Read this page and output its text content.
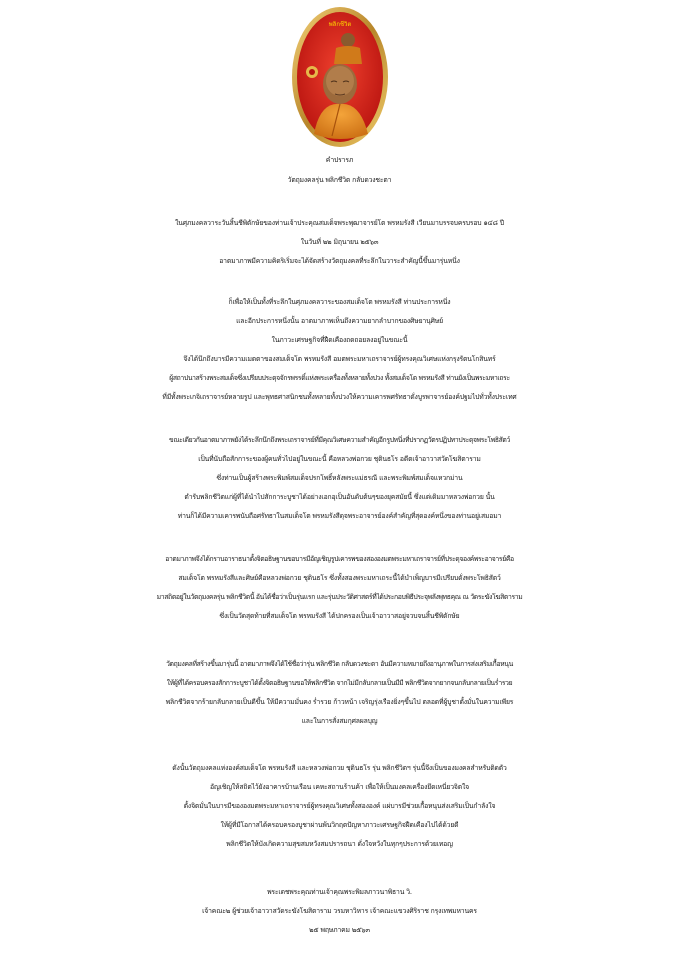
พลิกชีวิต
คำปรารภ
วัตถุมงคลรุ่น พลิกชีวิต กลับดวงชะตา
ในศุภมงคลวาระวันสิ้นชีพิตักษัยของท่านเจ้าประคุณสมเด็จพระพุฒาจารย์โต พรหมรังสี เวียนมาบรรจบครบรอบ ๑๔๘ ปี
ในวันที่ ๒๒ มิถุนายน ๒๕๖๓
อาตมาภาพมีความคิดริเริ่มจะได้จัดสร้างวัตถุมงคลที่ระลึกในวาระสำคัญนี้ขึ้นมารุ่นหนึ่ง
ก็เพื่อให้เป็นทั้งที่ระลึกในศุภมงคลวาระของสมเด็จโต พรหมรังสี ท่านประการหนึ่ง
และอีกประการหนึ่งนั้น อาตมาภาพเห็นถึงความยากลำบากของศิษยานุศิษย์
ในภาวะเศรษฐกิจที่ฝืดเคืองถดถอยลงอยู่ในขณะนี้
จึงได้นึกถึงบารมีความเมตตาของสมเด็จโต พรหมรังสี อมตพระมหาเถราจารย์ผู้ทรงคุณวิเศษแห่งกรุงรัตนโกสินทร์
ผู้สถาปนาสร้างพระสมเด็จซึ่งเปรียบประดุจจักรพรรดิ์แห่งพระเครื่องทั้งหลายทั้งปวง ทั้งสมเด็จโต พรหมรังสี ท่านยังเป็นพระมหาเถระ
ที่มีทั้งพระเกจิเถราจารย์หลายรูป และพุทธศาสนิกชนทั้งหลายทั้งปวงให้ความเคารพศรัทธาดั่งบูรพาจารย์องค์ปฐมไปทั่วทั้งประเทศ
ขณะเดียวกันอาตมาภาพยังได้ระลึกนึกถึงพระเถราจารย์ที่มีคุณวิเศษความสำคัญอีกรูปหนึ่งที่ปรากฏวัตรปฏิปทาประดุจพระโพธิสัตว์
เป็นที่นับถือสักการะของผู้คนทั่วไปอยู่ในขณะนี้ คือหลวงพ่อกวย ชุตินธโร อดีตเจ้าอาวาสวัดโฆสิตาราม
ซึ่งท่านเป็นผู้สร้างพระพิมพ์สมเด็จปรกโพธิ์หลังพระแม่ธรณี และพระพิมพ์สมเด็จแหวกม่าน
ตำรับพลิกชีวิตแก่ผู้ที่ได้นำไปสักการะบูชาได้อย่างเอกอุเป็นอันดับต้นๆของยุคสมัยนี้ ซึ่งแต่เดิมมาหลวงพ่อกวย นั้น
ท่านก็ได้มีความเคารพนับถือศรัทธาในสมเด็จโต พรหมรังสีดุจพระอาจารย์องค์สำคัญที่สุดองค์หนึ่งของท่านอยู่เสมอมา
อาตมาภาพจึงได้กราบอาราธนาตั้งจิตอธิษฐานขอบารมีอัญเชิญรูปเคารพของสององมตพระมหาเถราจารย์ที่ประดุจองค์พระอาจารย์คือ
สมเด็จโต พรหมรังสีและศิษย์คือหลวงพ่อกวย ชุตินธโร ซึ่งทั้งสองพระมหาเถระนี้ได้บำเพ็ญบารมีเปรียบดั่งพระโพธิสัตว์
มาสถิตอยู่ในวัตถุมงคลรุ่น พลิกชีวิตนี้ อันได้ชื่อว่าเป็นรุ่นแรก และรุ่นประวัติศาสตร์ที่ได้ประกอบพิธีประจุพลังพุทธคุณ ณ วัดระฆังโฆสิตาราม
ซึ่งเป็นวัดสุดท้ายที่สมเด็จโต พรหมรังสี ได้ปกครองเป็นเจ้าอาวาสอยู่จวบจนสิ้นชีพิตักษัย
วัตถุมงคลที่สร้างขึ้นมารุ่นนี้ อาตมาภาพจึงได้ใช้ชื่อว่ารุ่น พลิกชีวิต กลับดวงชะตา อันมีความหมายถึงอานุภาพในการส่งเสริมเกื้อหนุน
ให้ผู้ที่ได้ครอบครองสักการะบูชาได้ตั้งจิตอธิษฐานขอให้พลิกชีวิต จากไม่มีกลับกลายเป็นมีมี พลิกชีวิตจากยากจนกลับกลายเป็นร่ำรวย
พลิกชีวิตจากร้ายกลับกลายเป็นดีขึ้น ให้มีความมั่นคง ร่ำรวย ก้าวหน้า เจริญรุ่งเรืองยิ่งๆขึ้นไป ตลอดที่ผู้บูชาตั้งมั่นในความเพียร
และในการสั่งสมกุศลผลบุญ
ดังนั้นวัตถุมงคลแห่งองค์สมเด็จโต พรหมรังสี และหลวงพ่อกวย ชุตินธโร รุ่น พลิกชีวิตฯ รุ่นนี้จึงเป็นของมงคลสำหรับติดตัว
อัญเชิญให้สถิตไว้ยังอาคารบ้านเรือน เคหะสถานร้านค้า เพื่อให้เป็นมงคลเครื่องยึดเหนี่ยวจิตใจ
ตั้งจิตมั่นในบารมีขององมตพระมหาเถราจารย์ผู้ทรงคุณวิเศษทั้งสององค์ แผ่บารมีช่วยเกื้อหนุนส่งเสริมเป็นกำลังใจ
ให้ผู้ที่มีโอกาสได้ครอบครองบูชาผ่านพ้นวิกฤตปัญหาภาวะเศรษฐกิจฝืดเคืองไปได้ด้วยดี
พลิกชีวิตให้บังเกิดความสุขสมหวังสมปรารถนา ดั่งใจหวังในทุกๆประการด้วยเทอญ
พระเดชพระคุณท่านเจ้าคุณพระพิมลภาวนาพิธาน วิ.
เจ้าคณะ๒ ผู้ช่วยเจ้าอาวาสวัดระฆังโฆสิตาราม วรมหาวิหาร เจ้าคณะแขวงศิริราช กรุงเทพมหานคร
๒๕ พฤษภาคม ๒๕๖๓
